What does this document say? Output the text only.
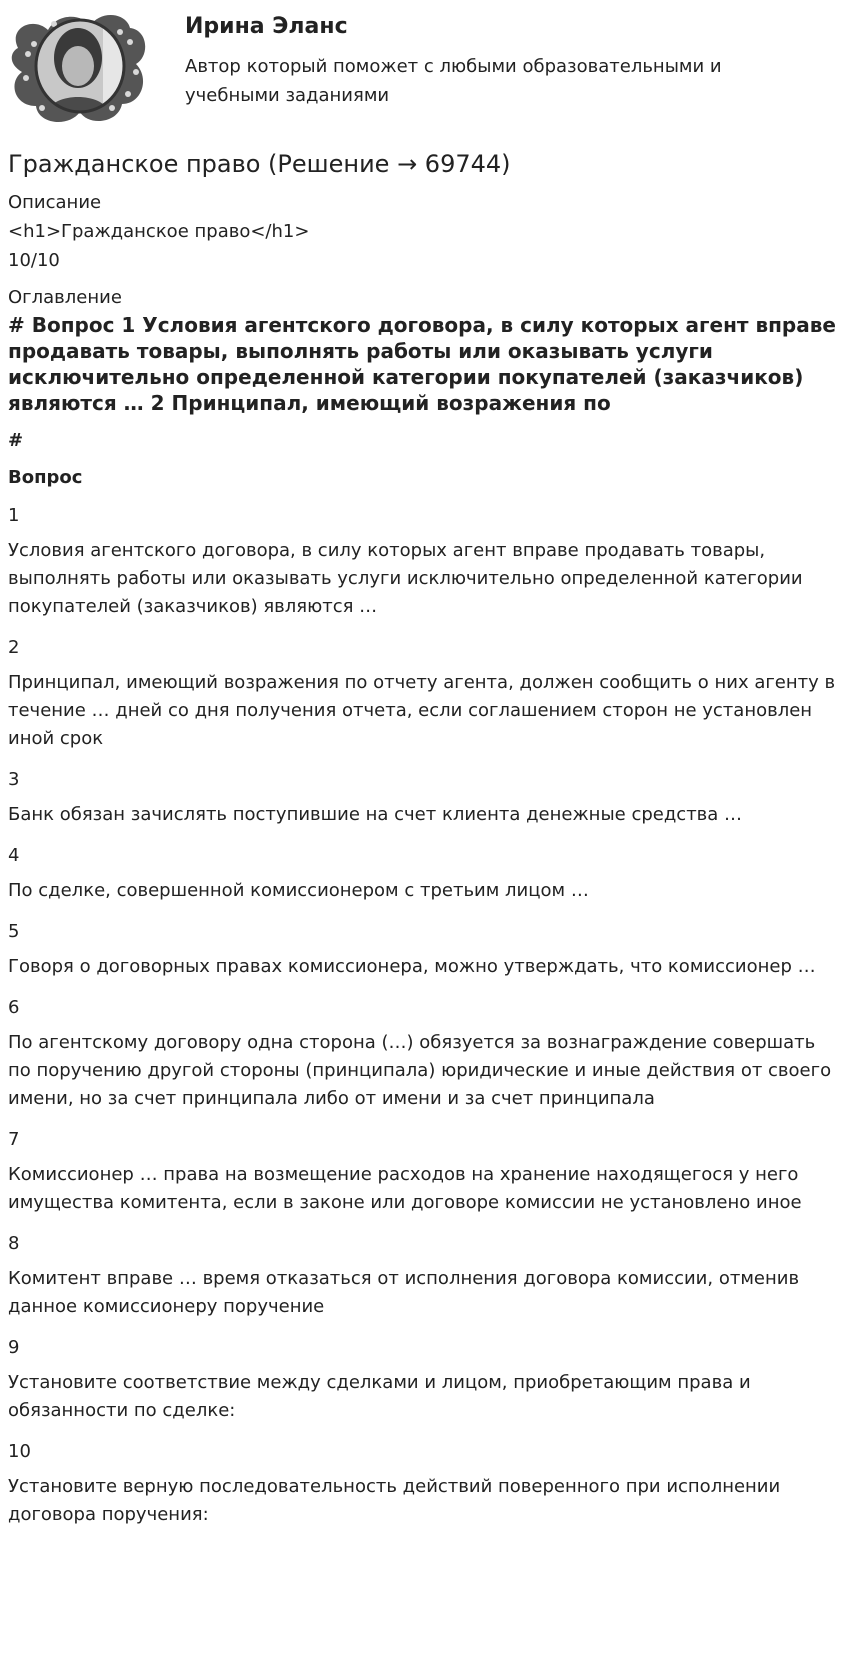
Ирина Эланс
Автор который поможет с любыми образовательными и учебными заданиями
Гражданское право (Решение → 69744)
Описание
<h1>Гражданское право</h1>
10/10
Оглавление
# Вопрос 1 Условия агентского договора, в силу которых агент вправе продавать товары, выполнять работы или оказывать услуги исключительно определенной категории покупателей (заказчиков) являются … 2 Принципал, имеющий возражения по
#
Вопрос
1
Условия агентского договора, в силу которых агент вправе продавать товары, выполнять работы или оказывать услуги исключительно определенной категории покупателей (заказчиков) являются …
2
Принципал, имеющий возражения по отчету агента, должен сообщить о них агенту в течение … дней со дня получения отчета, если соглашением сторон не установлен иной срок
3
Банк обязан зачислять поступившие на счет клиента денежные средства …
4
По сделке, совершенной комиссионером с третьим лицом …
5
Говоря о договорных правах комиссионера, можно утверждать, что комиссионер …
6
По агентскому договору одна сторона (…) обязуется за вознаграждение совершать по поручению другой стороны (принципала) юридические и иные действия от своего имени, но за счет принципала либо от имени и за счет принципала
7
Комиссионер … права на возмещение расходов на хранение находящегося у него имущества комитента, если в законе или договоре комиссии не установлено иное
8
Комитент вправе … время отказаться от исполнения договора комиссии, отменив данное комиссионеру поручение
9
Установите соответствие между сделками и лицом, приобретающим права и обязанности по сделке:
10
Установите верную последовательность действий поверенного при исполнении договора поручения:
